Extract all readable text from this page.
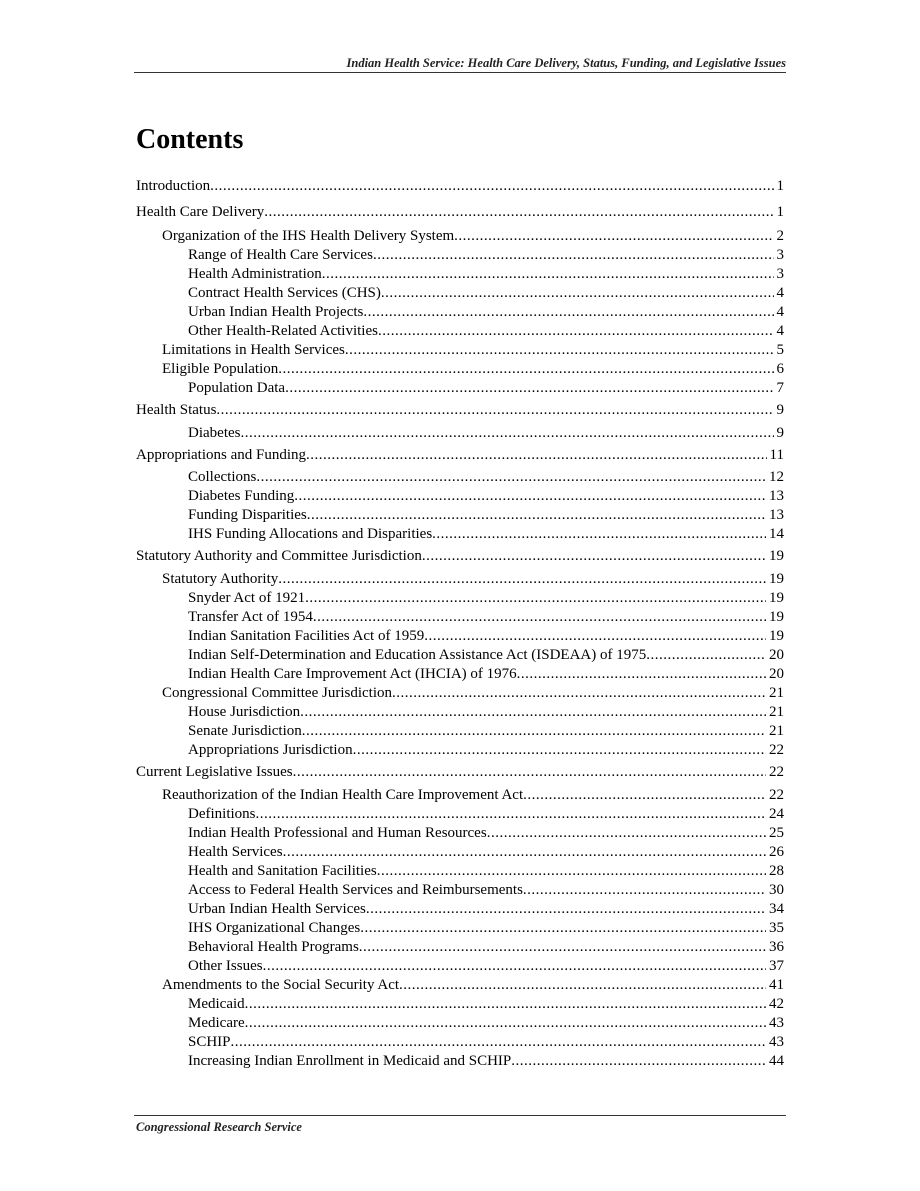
Indian Health Service: Health Care Delivery, Status, Funding, and Legislative Issues
Contents
Introduction .....	1
Health Care Delivery .....	1
Organization of the IHS Health Delivery System .....	2
Range of Health Care Services .....	3
Health Administration .....	3
Contract Health Services (CHS) .....	4
Urban Indian Health Projects .....	4
Other Health-Related Activities .....	4
Limitations in Health Services .....	5
Eligible Population .....	6
Population Data .....	7
Health Status .....	9
Diabetes .....	9
Appropriations and Funding .....	11
Collections .....	12
Diabetes Funding .....	13
Funding Disparities .....	13
IHS Funding Allocations and Disparities .....	14
Statutory Authority and Committee Jurisdiction .....	19
Statutory Authority .....	19
Snyder Act of 1921 .....	19
Transfer Act of 1954 .....	19
Indian Sanitation Facilities Act of 1959 .....	19
Indian Self-Determination and Education Assistance Act (ISDEAA) of 1975 .....	20
Indian Health Care Improvement Act (IHCIA) of 1976 .....	20
Congressional Committee Jurisdiction .....	21
House Jurisdiction .....	21
Senate Jurisdiction .....	21
Appropriations Jurisdiction .....	22
Current Legislative Issues .....	22
Reauthorization of the Indian Health Care Improvement Act .....	22
Definitions .....	24
Indian Health Professional and Human Resources .....	25
Health Services .....	26
Health and Sanitation Facilities .....	28
Access to Federal Health Services and Reimbursements .....	30
Urban Indian Health Services .....	34
IHS Organizational Changes .....	35
Behavioral Health Programs .....	36
Other Issues .....	37
Amendments to the Social Security Act .....	41
Medicaid .....	42
Medicare .....	43
SCHIP .....	43
Increasing Indian Enrollment in Medicaid and SCHIP .....	44
Congressional Research Service
